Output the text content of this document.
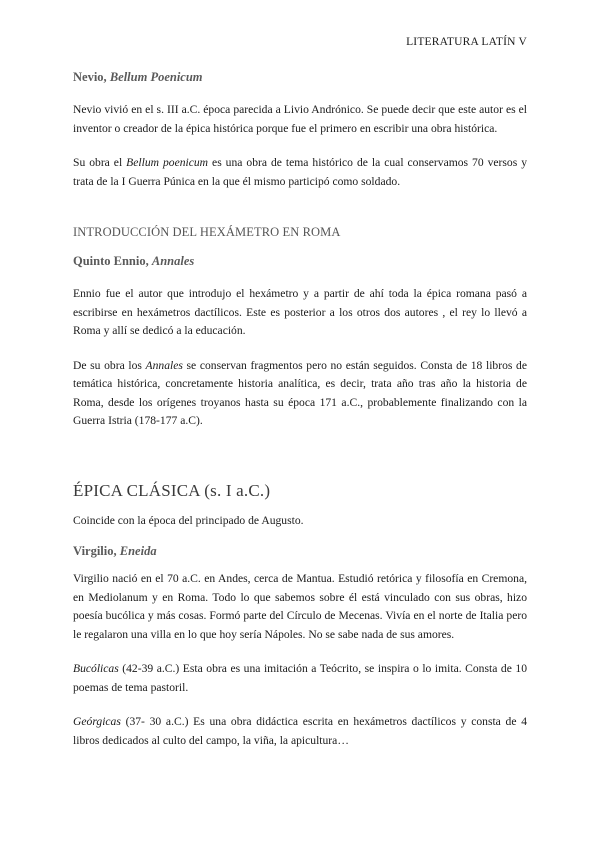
LITERATURA LATÍN V
Nevio, Bellum Poenicum

Nevio vivió en el s. III a.C. época parecida a Livio Andrónico. Se puede decir que este autor es el inventor o creador de la épica histórica porque fue el primero en escribir una obra histórica.

Su obra el Bellum poenicum es una obra de tema histórico de la cual conservamos 70 versos y trata de la I Guerra Púnica en la que él mismo participó como soldado.

INTRODUCCIÓN DEL HEXÁMETRO EN ROMA
Quinto Ennio, Annales

Ennio fue el autor que introdujo el hexámetro y a partir de ahí toda la épica romana pasó a escribirse en hexámetros dactílicos. Este es posterior a los otros dos autores , el rey lo llevó a Roma y allí se dedicó a la educación.

De su obra los Annales se conservan fragmentos pero no están seguidos. Consta de 18 libros de temática histórica, concretamente historia analítica, es decir, trata año tras año la historia de Roma, desde los orígenes troyanos hasta su época 171 a.C., probablemente finalizando con la Guerra Istria (178-177 a.C).

ÉPICA CLÁSICA (s. I a.C.)

Coincide con la época del principado de Augusto.

Virgilio, Eneida

Virgilio nació en el 70 a.C. en Andes, cerca de Mantua. Estudió retórica y filosofía en Cremona, en Mediolanum y en Roma. Todo lo que sabemos sobre él está vinculado con sus obras, hizo poesía bucólica y más cosas. Formó parte del Círculo de Mecenas. Vivía en el norte de Italia pero le regalaron una villa en lo que hoy sería Nápoles. No se sabe nada de sus amores.

Bucólicas (42-39 a.C.) Esta obra es una imitación a Teócrito, se inspira o lo imita. Consta de 10 poemas de tema pastoril.

Geórgicas (37- 30 a.C.) Es una obra didáctica escrita en hexámetros dactílicos y consta de 4 libros dedicados al culto del campo, la viña, la apicultura…
